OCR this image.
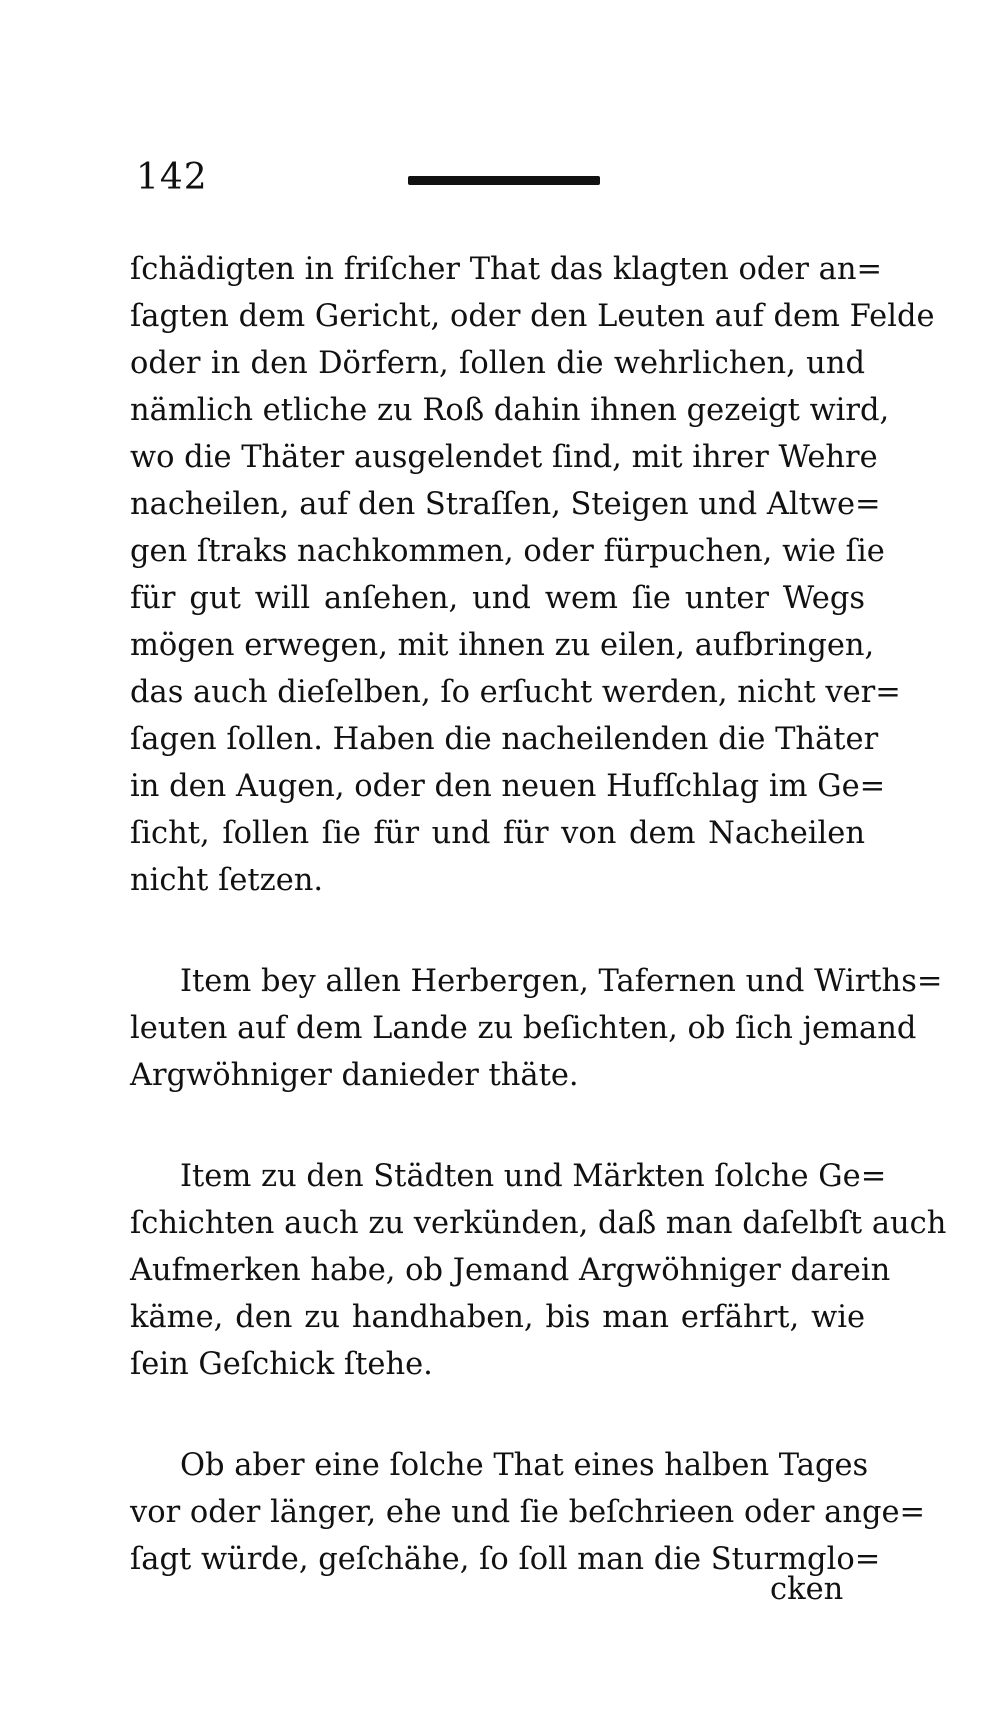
142
ſchädigten in friſcher That das klagten oder an=
ſagten dem Gericht, oder den Leuten auf dem Felde
oder in den Dörfern, ſollen die wehrlichen, und
nämlich etliche zu Roß dahin ihnen gezeigt wird,
wo die Thäter ausgelendet ſind, mit ihrer Wehre
nacheilen, auf den Straſſen, Steigen und Altwe=
gen ſtraks nachkommen, oder fürpuchen, wie ſie
für gut will anſehen, und wem ſie unter Wegs
mögen erwegen, mit ihnen zu eilen, aufbringen,
das auch dieſelben, ſo erſucht werden, nicht ver=
ſagen ſollen. Haben die nacheilenden die Thäter
in den Augen, oder den neuen Hufſchlag im Ge=
ſicht, ſollen ſie für und für von dem Nacheilen
nicht ſetzen.
Item bey allen Herbergen, Tafernen und Wirths=
leuten auf dem Lande zu beſichten, ob ſich jemand
Argwöhniger danieder thäte.
Item zu den Städten und Märkten ſolche Ge=
ſchichten auch zu verkünden, daß man daſelbſt auch
Aufmerken habe, ob Jemand Argwöhniger darein
käme, den zu handhaben, bis man erfährt, wie
ſein Geſchick ſtehe.
Ob aber eine ſolche That eines halben Tages
vor oder länger, ehe und ſie beſchrieen oder ange=
ſagt würde, geſchähe, ſo ſoll man die Sturmglo=
cken
